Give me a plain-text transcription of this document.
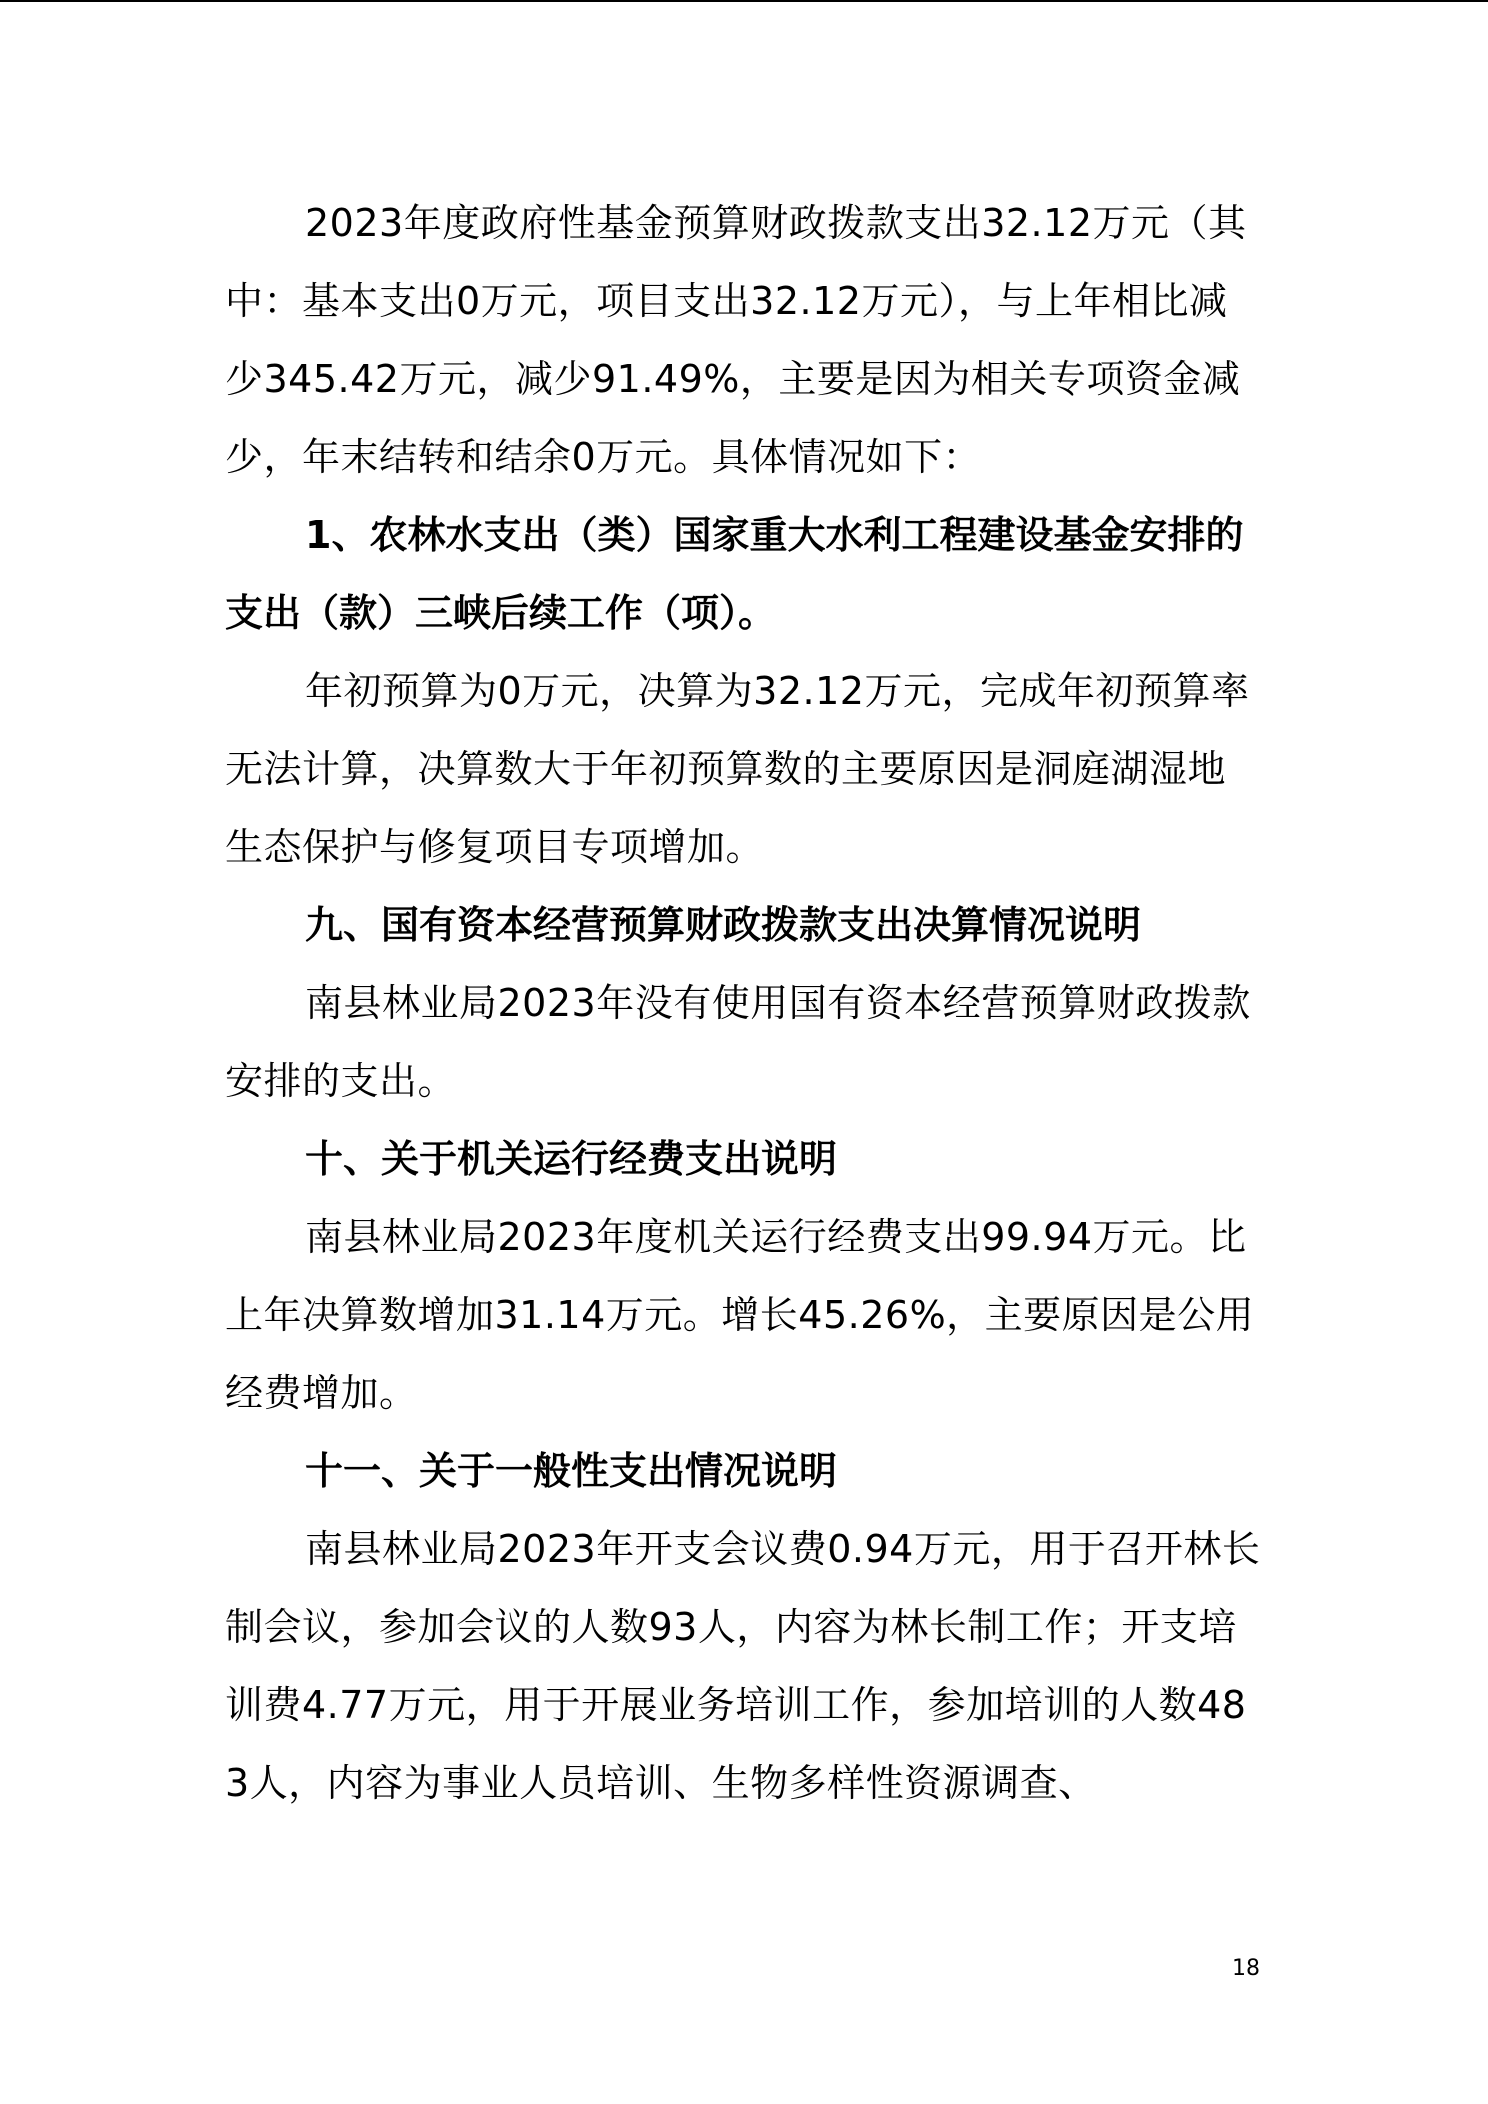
2023年度政府性基金预算财政拨款支出32.12万元（其中：基本支出0万元，项目支出32.12万元），与上年相比减少345.42万元，减少91.49%，主要是因为相关专项资金减少，年末结转和结余0万元。具体情况如下：

1、农林水支出（类）国家重大水利工程建设基金安排的支出（款）三峡后续工作（项）。

年初预算为0万元，决算为32.12万元，完成年初预算率无法计算，决算数大于年初预算数的主要原因是洞庭湖湿地生态保护与修复项目专项增加。

九、国有资本经营预算财政拨款支出决算情况说明

南县林业局2023年没有使用国有资本经营预算财政拨款安排的支出。

十、关于机关运行经费支出说明

南县林业局2023年度机关运行经费支出99.94万元。比上年决算数增加31.14万元。增长45.26%，主要原因是公用经费增加。

十一、关于一般性支出情况说明

南县林业局2023年开支会议费0.94万元，用于召开林长制会议，参加会议的人数93人，内容为林长制工作；开支培训费4.77万元，用于开展业务培训工作，参加培训的人数483人，内容为事业人员培训、生物多样性资源调查、

18
